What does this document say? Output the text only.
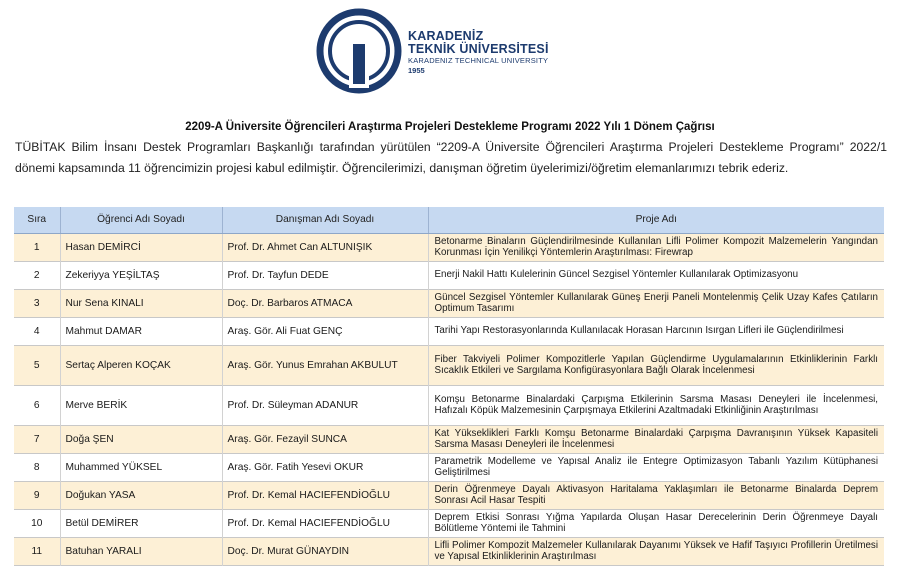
KARADENİZ
TEKNİK ÜNİVERSİTESİ
KARADENIZ TECHNICAL UNIVERSITY
1955
2209-A Üniversite Öğrencileri Araştırma Projeleri Destekleme Programı 2022 Yılı 1 Dönem Çağrısı
TÜBİTAK Bilim İnsanı Destek Programları Başkanlığı tarafından yürütülen “2209-A Üniversite Öğrencileri Araştırma Projeleri Destekleme Programı” 2022/1 dönemi kapsamında 11 öğrencimizin projesi kabul edilmiştir. Öğrencilerimizi, danışman öğretim üyelerimizi/öğretim elemanlarımızı tebrik ederiz.
Sıra	Öğrenci Adı Soyadı	Danışman Adı Soyadı	Proje Adı
1	Hasan DEMİRCİ	Prof. Dr. Ahmet Can ALTUNIŞIK	Betonarme Binaların Güçlendirilmesinde Kullanılan Lifli Polimer Kompozit Malzemelerin Yangından Korunması İçin Yenilikçi Yöntemlerin Araştırılması: Firewrap
2	Zekeriyya YEŞİLTAŞ	Prof. Dr. Tayfun DEDE	Enerji Nakil Hattı Kulelerinin Güncel Sezgisel Yöntemler Kullanılarak Optimizasyonu
3	Nur Sena KINALI	Doç. Dr. Barbaros ATMACA	Güncel Sezgisel Yöntemler Kullanılarak Güneş Enerji Paneli Montelenmiş Çelik Uzay Kafes Çatıların Optimum Tasarımı
4	Mahmut DAMAR	Araş. Gör. Ali Fuat GENÇ	Tarihi Yapı Restorasyonlarında Kullanılacak Horasan Harcının Isırgan Lifleri ile Güçlendirilmesi
5	Sertaç Alperen KOÇAK	Araş. Gör. Yunus Emrahan AKBULUT	Fiber Takviyeli Polimer Kompozitlerle Yapılan Güçlendirme Uygulamalarının Etkinliklerinin Farklı Sıcaklık Etkileri ve Sargılama Konfigürasyonlara Bağlı Olarak İncelenmesi
6	Merve BERİK	Prof. Dr. Süleyman ADANUR	Komşu Betonarme Binalardaki Çarpışma Etkilerinin Sarsma Masası Deneyleri ile İncelenmesi, Hafızalı Köpük Malzemesinin Çarpışmaya Etkilerini Azaltmadaki Etkinliğinin Araştırılması
7	Doğa ŞEN	Araş. Gör. Fezayil SUNCA	Kat Yükseklikleri Farklı Komşu Betonarme Binalardaki Çarpışma Davranışının Yüksek Kapasiteli Sarsma Masası Deneyleri ile İncelenmesi
8	Muhammed YÜKSEL	Araş. Gör. Fatih Yesevi OKUR	Parametrik Modelleme ve Yapısal Analiz ile Entegre Optimizasyon Tabanlı Yazılım Kütüphanesi Geliştirilmesi
9	Doğukan YASA	Prof. Dr. Kemal HACIEFENDİOĞLU	Derin Öğrenmeye Dayalı Aktivasyon Haritalama Yaklaşımları ile Betonarme Binalarda Deprem Sonrası Acil Hasar Tespiti
10	Betül DEMİRER	Prof. Dr. Kemal HACIEFENDİOĞLU	Deprem Etkisi Sonrası Yığma Yapılarda Oluşan Hasar Derecelerinin Derin Öğrenmeye Dayalı Bölütleme Yöntemi ile Tahmini
11	Batuhan YARALI	Doç. Dr. Murat GÜNAYDIN	Lifli Polimer Kompozit Malzemeler Kullanılarak Dayanımı Yüksek ve Hafif Taşıyıcı Profillerin Üretilmesi ve Yapısal Etkinliklerinin Araştırılması
